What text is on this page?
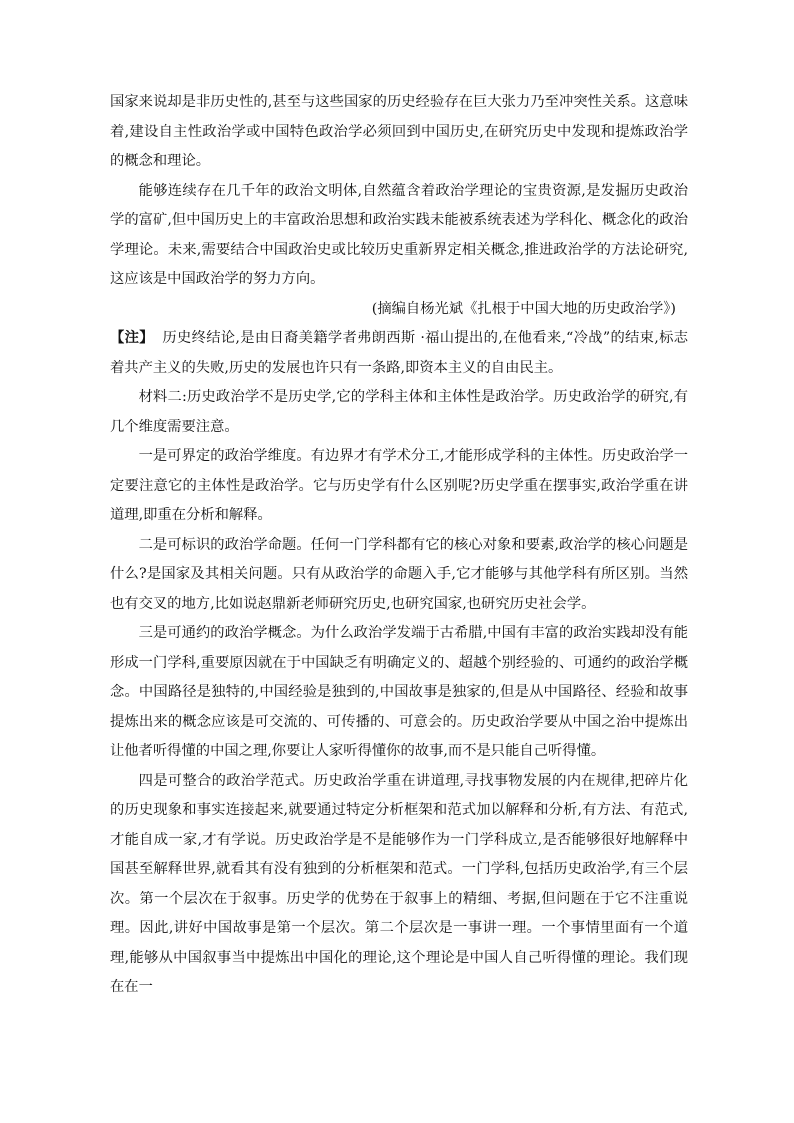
国家来说却是非历史性的,甚至与这些国家的历史经验存在巨大张力乃至冲突性关系。这意味着,建设自主性政治学或中国特色政治学必须回到中国历史,在研究历史中发现和提炼政治学的概念和理论。

能够连续存在几千年的政治文明体,自然蕴含着政治学理论的宝贵资源,是发掘历史政治学的富矿,但中国历史上的丰富政治思想和政治实践未能被系统表述为学科化、概念化的政治学理论。未来,需要结合中国政治史或比较历史重新界定相关概念,推进政治学的方法论研究,这应该是中国政治学的努力方向。

(摘编自杨光斌《扎根于中国大地的历史政治学》)

【注】 历史终结论,是由日裔美籍学者弗朗西斯 ·福山提出的,在他看来,“冷战”的结束,标志着共产主义的失败,历史的发展也许只有一条路,即资本主义的自由民主。

材料二:历史政治学不是历史学,它的学科主体和主体性是政治学。历史政治学的研究,有几个维度需要注意。

一是可界定的政治学维度。有边界才有学术分工,才能形成学科的主体性。历史政治学一定要注意它的主体性是政治学。它与历史学有什么区别呢?历史学重在摆事实,政治学重在讲道理,即重在分析和解释。

二是可标识的政治学命题。任何一门学科都有它的核心对象和要素,政治学的核心问题是什么?是国家及其相关问题。只有从政治学的命题入手,它才能够与其他学科有所区别。当然也有交叉的地方,比如说赵鼎新老师研究历史,也研究国家,也研究历史社会学。

三是可通约的政治学概念。为什么政治学发端于古希腊,中国有丰富的政治实践却没有能形成一门学科,重要原因就在于中国缺乏有明确定义的、超越个别经验的、可通约的政治学概念。中国路径是独特的,中国经验是独到的,中国故事是独家的,但是从中国路径、经验和故事提炼出来的概念应该是可交流的、可传播的、可意会的。历史政治学要从中国之治中提炼出让他者听得懂的中国之理,你要让人家听得懂你的故事,而不是只能自己听得懂。

四是可整合的政治学范式。历史政治学重在讲道理,寻找事物发展的内在规律,把碎片化的历史现象和事实连接起来,就要通过特定分析框架和范式加以解释和分析,有方法、有范式,才能自成一家,才有学说。历史政治学是不是能够作为一门学科成立,是否能够很好地解释中国甚至解释世界,就看其有没有独到的分析框架和范式。一门学科,包括历史政治学,有三个层次。第一个层次在于叙事。历史学的优势在于叙事上的精细、考据,但问题在于它不注重说理。因此,讲好中国故事是第一个层次。第二个层次是一事讲一理。一个事情里面有一个道理,能够从中国叙事当中提炼出中国化的理论,这个理论是中国人自己听得懂的理论。我们现在在一
